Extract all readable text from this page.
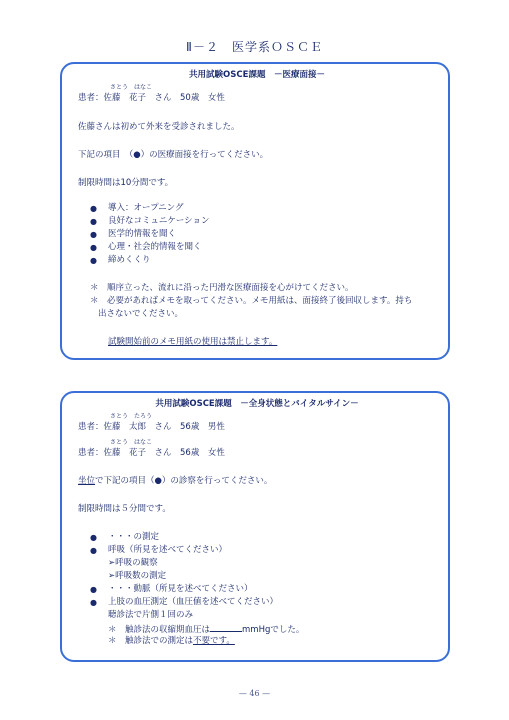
Ⅱ－２　医学系ＯＳＣＥ
共用試験OSCE課題　－医療面接－
さとう　はなこ
患者：佐藤　花子　さん　50歳　女性
佐藤さんは初めて外来を受診されました。
下記の項目　（●）の医療面接を行ってください。
制限時間は10分間です。
● 導入：オープニング
● 良好なコミュニケーション
● 医学的情報を聞く
● 心理・社会的情報を聞く
● 締めくくり
＊　順序立った、流れに沿った円滑な医療面接を心がけてください。
＊　必要があればメモを取ってください。メモ用紙は、面接終了後回収します。持ち
出さないでください。
試験開始前のメモ用紙の使用は禁止します。
共用試験OSCE課題　－全身状態とバイタルサイン－
さとう　たろう
患者：佐藤　太郎　さん　56歳　男性
さとう　はなこ
患者：佐藤　花子　さん　56歳　女性
坐位で下記の項目（●）の診察を行ってください。
制限時間は５分間です。
● ・・・の測定
● 呼吸（所見を述べてください）
➢呼吸の観察
➢呼吸数の測定
● ・・・動脈（所見を述べてください）
● 上肢の血圧測定（血圧値を述べてください）
聴診法で片側１回のみ
＊　触診法の収縮期血圧は	mmHgでした。
＊　触診法での測定は不要です。
— 46 —
